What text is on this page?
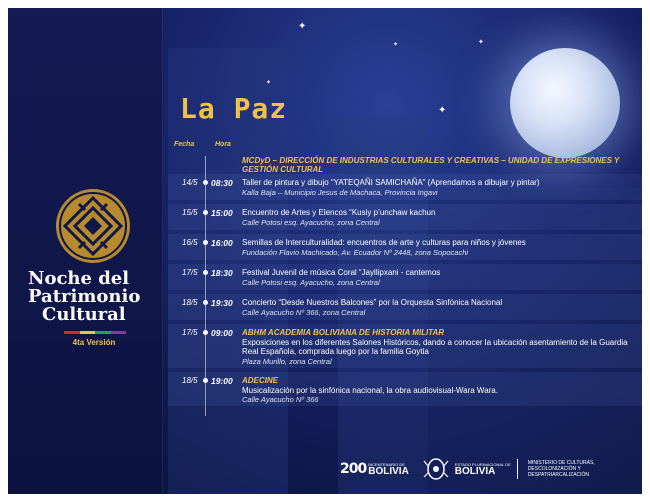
✦
✦
✦
✦	✦
Noche del
Patrimonio
Cultural
4ta Versión
La Paz
Fecha	Hora
MCDyD – DIRECCIÓN DE INDUSTRIAS CULTURALES Y CREATIVAS – UNIDAD DE EXPRESIONES Y GESTIÓN CULTURAL
14/5 08:30 Taller de pintura y dibujo “YATEQAÑI SAMICHAÑA” (Aprendamos a dibujar y pintar)
Kalla Baja – Municipio Jesus de Machaca, Provincia Ingavi
15/5 15:00 Encuentro de Artes y Elencos “Kusiy p’unchaw kachun
Calle Potosi esq. Ayacucho, zona Central
16/5 16:00 Semillas de Interculturalidad: encuentros de arte y culturas para niños y jóvenes
Fundación Flavio Machicado, Av. Ecuador Nº 2448, zona Sopocachi
17/5 18:30 Festival Juvenil de música Coral “Jayllipxani - cantemos
Calle Potosi esq. Ayacucho, zona Central
18/5 19:30 Concierto “Desde Nuestros Balcones” por la Orquesta Sinfónica Nacional
Calle Ayacucho Nº 366, zona Central
17/5 09:00 ABHM ACADEMIA BOLIVIANA DE HISTORIA MILITAR
Exposiciones en los diferentes Salones Históricos, dando a conocer la ubicación asentamiento de la Guardia Real Española, comprada luego por la familia Goytia
Plaza Murillo, zona Central
18/5 19:00 ADECINE
Musicalización por la sinfónica nacional, la obra audiovisual-Wara Wara.
Calle Ayacucho Nº 366
200 BICENTENARIO DE
BOLIVIA
ESTADO PLURINACIONAL DE
BOLIVIA
MINISTERIO DE CULTURAS, DESCOLONIZACIÓN Y DESPATRIARCALIZACIÓN
